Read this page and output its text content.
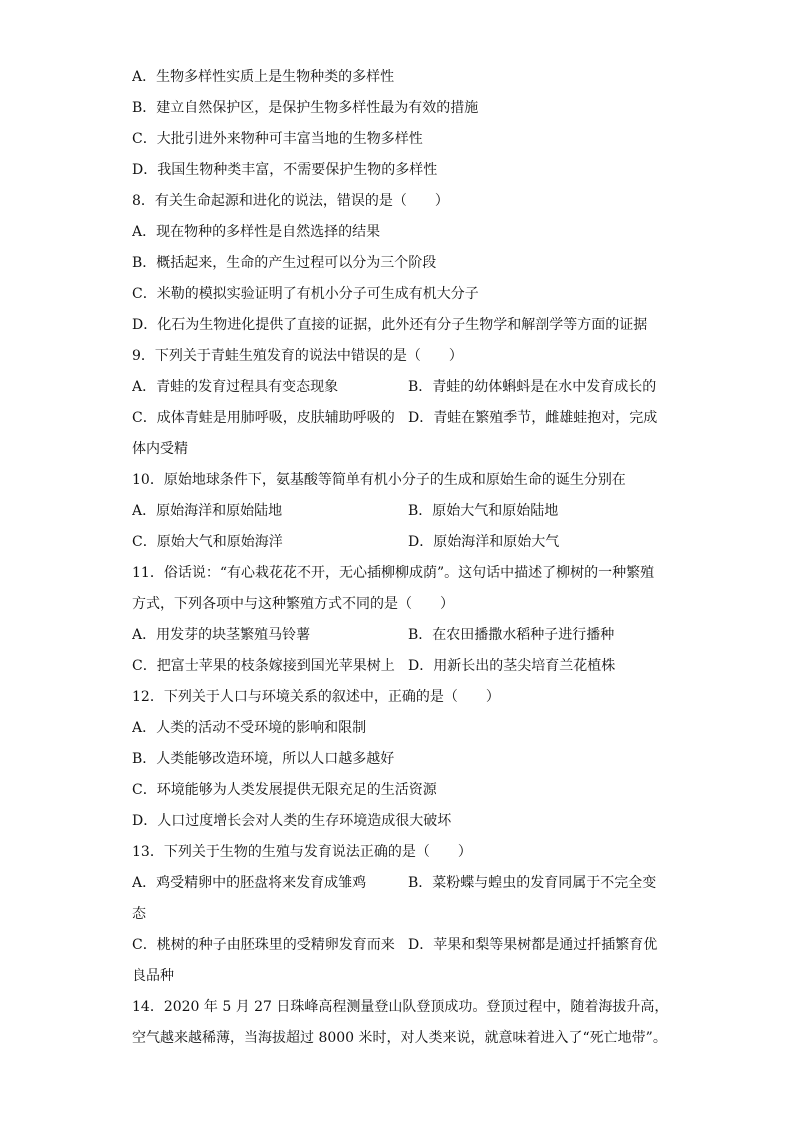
A．生物多样性实质上是生物种类的多样性
B．建立自然保护区，是保护生物多样性最为有效的措施
C．大批引进外来物种可丰富当地的生物多样性
D．我国生物种类丰富，不需要保护生物的多样性
8．有关生命起源和进化的说法，错误的是（　　）
A．现在物种的多样性是自然选择的结果
B．概括起来，生命的产生过程可以分为三个阶段
C．米勒的模拟实验证明了有机小分子可生成有机大分子
D．化石为生物进化提供了直接的证据，此外还有分子生物学和解剖学等方面的证据
9．下列关于青蛙生殖发育的说法中错误的是（　　）
A．青蛙的发育过程具有变态现象	B．青蛙的幼体蝌蚪是在水中发育成长的
C．成体青蛙是用肺呼吸，皮肤辅助呼吸的 D．青蛙在繁殖季节，雌雄蛙抱对，完成
体内受精
10．原始地球条件下，氨基酸等简单有机小分子的生成和原始生命的诞生分别在
A．原始海洋和原始陆地	B．原始大气和原始陆地
C．原始大气和原始海洋	D．原始海洋和原始大气
11．俗话说：“有心栽花花不开，无心插柳柳成荫”。这句话中描述了柳树的一种繁殖
方式，下列各项中与这种繁殖方式不同的是（　　）
A．用发芽的块茎繁殖马铃薯	B．在农田播撒水稻种子进行播种
C．把富士苹果的枝条嫁接到国光苹果树上 D．用新长出的茎尖培育兰花植株
12．下列关于人口与环境关系的叙述中，正确的是（　　）
A．人类的活动不受环境的影响和限制
B．人类能够改造环境，所以人口越多越好
C．环境能够为人类发展提供无限充足的生活资源
D．人口过度增长会对人类的生存环境造成很大破坏
13．下列关于生物的生殖与发育说法正确的是（　　）
A．鸡受精卵中的胚盘将来发育成雏鸡	B．菜粉蝶与蝗虫的发育同属于不完全变
态
C．桃树的种子由胚珠里的受精卵发育而来 D．苹果和梨等果树都是通过扦插繁育优
良品种
14．2020 年 5 月 27 日珠峰高程测量登山队登顶成功。登顶过程中，随着海拔升高，
空气越来越稀薄，当海拔超过 8000 米时，对人类来说，就意味着进入了“死亡地带”。
